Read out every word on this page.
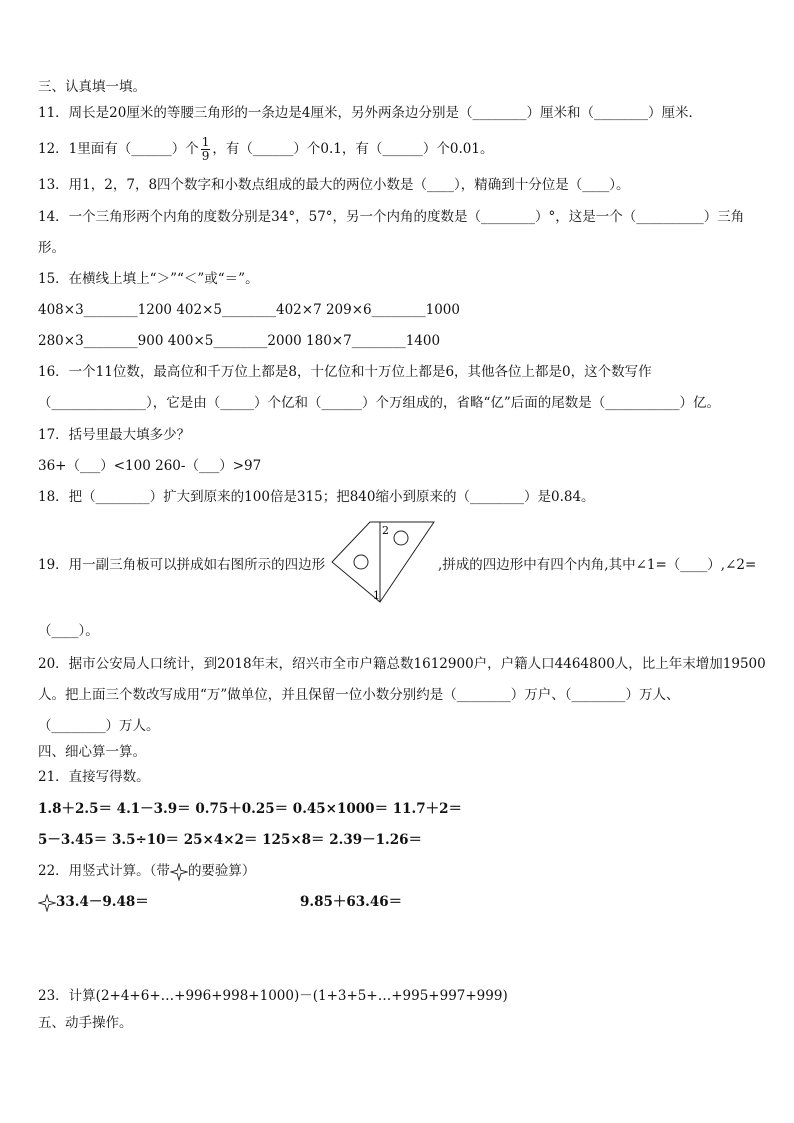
三、认真填一填。
11．周长是20厘米的等腰三角形的一条边是4厘米，另外两条边分别是（________）厘米和（________）厘米．
12．1里面有（______）个 $\frac{1}{9}$ ，有（______）个0.1，有（______）个0.01。
13．用1，2，7，8四个数字和小数点组成的最大的两位小数是（____），精确到十分位是（____）。
14．一个三角形两个内角的度数分别是34°，57°，另一个内角的度数是（________）°，这是一个（__________）三角
形。
15．在横线上填上“＞”“＜”或“＝”。
408×3________1200 402×5________402×7 209×6________1000
280×3________900 400×5________2000 180×7________1400
16．一个11位数，最高位和千万位上都是8，十亿位和十万位上都是6，其他各位上都是0，这个数写作
（______________），它是由（_____）个亿和（______）个万组成的，省略“亿”后面的尾数是（___________）亿。
17．括号里最大填多少？
36+（___）<100 260-（___）>97
18．把（________）扩大到原来的100倍是315；把840缩小到原来的（________）是0.84。
19．用一副三角板可以拼成如右图所示的四边形	,拼成的四边形中有四个内角,其中∠1=（____）,∠2=
2
1
（____）。
20．据市公安局人口统计，到2018年末，绍兴市全市户籍总数1612900户，户籍人口4464800人，比上年末增加19500
人。把上面三个数改写成用“万”做单位，并且保留一位小数分别约是（________）万户、（________）万人、
（________）万人。
四、细心算一算。
21．直接写得数。
1.8＋2.5＝ 4.1－3.9＝ 0.75＋0.25＝ 0.45×1000＝ 11.7＋2＝
5－3.45＝ 3.5÷10＝ 25×4×2＝ 125×8＝ 2.39－1.26＝
22．用竖式计算。（带 的要验算）
33.4－9.48＝	9.85＋63.46＝
23．计算(2+4+6+…+996+998+1000)－(1+3+5+…+995+997+999)
五、动手操作。
